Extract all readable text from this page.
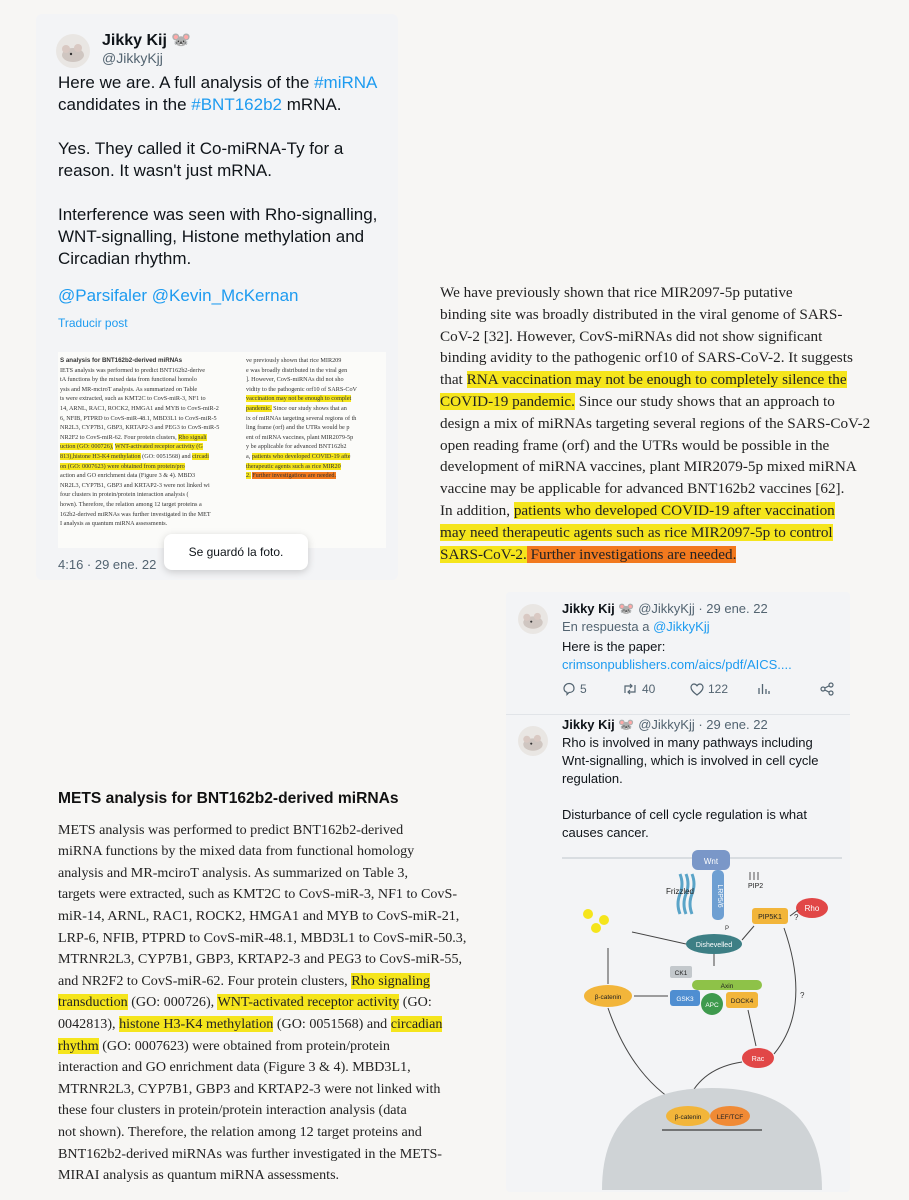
Jikky Kij 🐭
@JikkyKjj

Here we are. A full analysis of the #miRNA
candidates in the #BNT162b2 mRNA.

Yes. They called it Co-miRNA-Ty for a reason. It wasn't just mRNA.

Interference was seen with Rho-signalling, WNT-signalling, Histone methylation and Circadian rhythm.

@Parsifaler @Kevin_McKernan
Traducir post
S analysis for BNT162b2-derived miRNAs
IETS analysis was performed to predict BNT162b2-derive
tA functions by the mixed data from functional homolo
ysis and MR-mciroT analysis. As summarized on Table
ts were extracted, such as KMT2C to CovS-miR-3, NF1 to
14, ARNL, RAC1, ROCK2, HMGA1 and MYB to CovS-miR-2
6, NFIB, PTPRD to CovS-miR-48.1, MBD3L1 to CovS-miR-5
NR2L3, CYP7B1, GBP3, KRTAP2-3 and PEG3 to CovS-miR-5
NR2F2 to CovS-miR-62. Four protein clusters, Rho signali
uction (GO: 000726), WNT-activated receptor activity (G
813),histone H3-K4 methylation (GO: 0051568) and circadi
on (GO: 0007623) were obtained from protein/pro
action and GO enrichment data (Figure 3 & 4). MBD3
NR2L3, CYP7B1, GBP3 and KRTAP2-3 were not linked wi
four clusters in protein/protein interaction analysis (
hown). Therefore, the relation among 12 target proteins a
162b2-derived miRNAs was further investigated in the MET
I analysis as quantum miRNA assessments.
ve previously shown that rice MIR209
e was broadly distributed in the viral gen
]. However, CovS-miRNAs did not sho
vidity to the pathogenic orf10 of SARS-CoV
vaccination may not be enough to complet
pandemic. Since our study shows that an
ix of miRNAs targeting several regions of th
ling frame (orf) and the UTRs would be p
ent of miRNA vaccines, plant MIR2079-5p
y be applicable for advanced BNT162b2
a, patients who developed COVID-19 afte
therapeutic agents such as rice MIR20
2. Further investigations are needed.
4:16 · 29 ene. 22
Se guardó la foto.
We have previously shown that rice MIR2097-5p putative
binding site was broadly distributed in the viral genome of SARS-
CoV-2 [32]. However, CovS-miRNAs did not show significant
binding avidity to the pathogenic orf10 of SARS-CoV-2. It suggests
that RNA vaccination may not be enough to completely silence the
COVID-19 pandemic. Since our study shows that an approach to
design a mix of miRNAs targeting several regions of the SARS-CoV-2
open reading frame (orf) and the UTRs would be possible in the
development of miRNA vaccines, plant MIR2079-5p mixed miRNA
vaccine may be applicable for advanced BNT162b2 vaccines [62].
In addition, patients who developed COVID-19 after vaccination
may need therapeutic agents such as rice MIR2097-5p to control
SARS-CoV-2. Further investigations are needed.
METS analysis for BNT162b2-derived miRNAs
METS analysis was performed to predict BNT162b2-derived
miRNA functions by the mixed data from functional homology
analysis and MR-mciroT analysis. As summarized on Table 3,
targets were extracted, such as KMT2C to CovS-miR-3, NF1 to CovS-
miR-14, ARNL, RAC1, ROCK2, HMGA1 and MYB to CovS-miR-21,
LRP-6, NFIB, PTPRD to CovS-miR-48.1, MBD3L1 to CovS-miR-50.3,
MTRNR2L3, CYP7B1, GBP3, KRTAP2-3 and PEG3 to CovS-miR-55,
and NR2F2 to CovS-miR-62. Four protein clusters, Rho signaling
transduction (GO: 000726), WNT-activated receptor activity (GO:
0042813), histone H3-K4 methylation (GO: 0051568) and circadian
rhythm (GO: 0007623) were obtained from protein/protein
interaction and GO enrichment data (Figure 3 & 4). MBD3L1,
MTRNR2L3, CYP7B1, GBP3 and KRTAP2-3 were not linked with
these four clusters in protein/protein interaction analysis (data
not shown). Therefore, the relation among 12 target proteins and
BNT162b2-derived miRNAs was further investigated in the METS-
MIRAI analysis as quantum miRNA assessments.
Jikky Kij 🐭 @JikkyKjj · 29 ene. 22
En respuesta a @JikkyKjj
Here is the paper:
crimsonpublishers.com/aics/pdf/AICS....
5	40	122
Jikky Kij 🐭 @JikkyKjj · 29 ene. 22
Rho is involved in many pathways including
Wnt-signalling, which is involved in cell cycle
regulation.
Disturbance of cell cycle regulation is what
causes cancer.
Wnt
Frizzled	LRP5/6
P
PIP2
Rho
PIP5K1 ?
Dishevelled
CK1
Axin
GSK3
APC
DOCK4
β-catenin
Rac
?
β-catenin LEF/TCF
